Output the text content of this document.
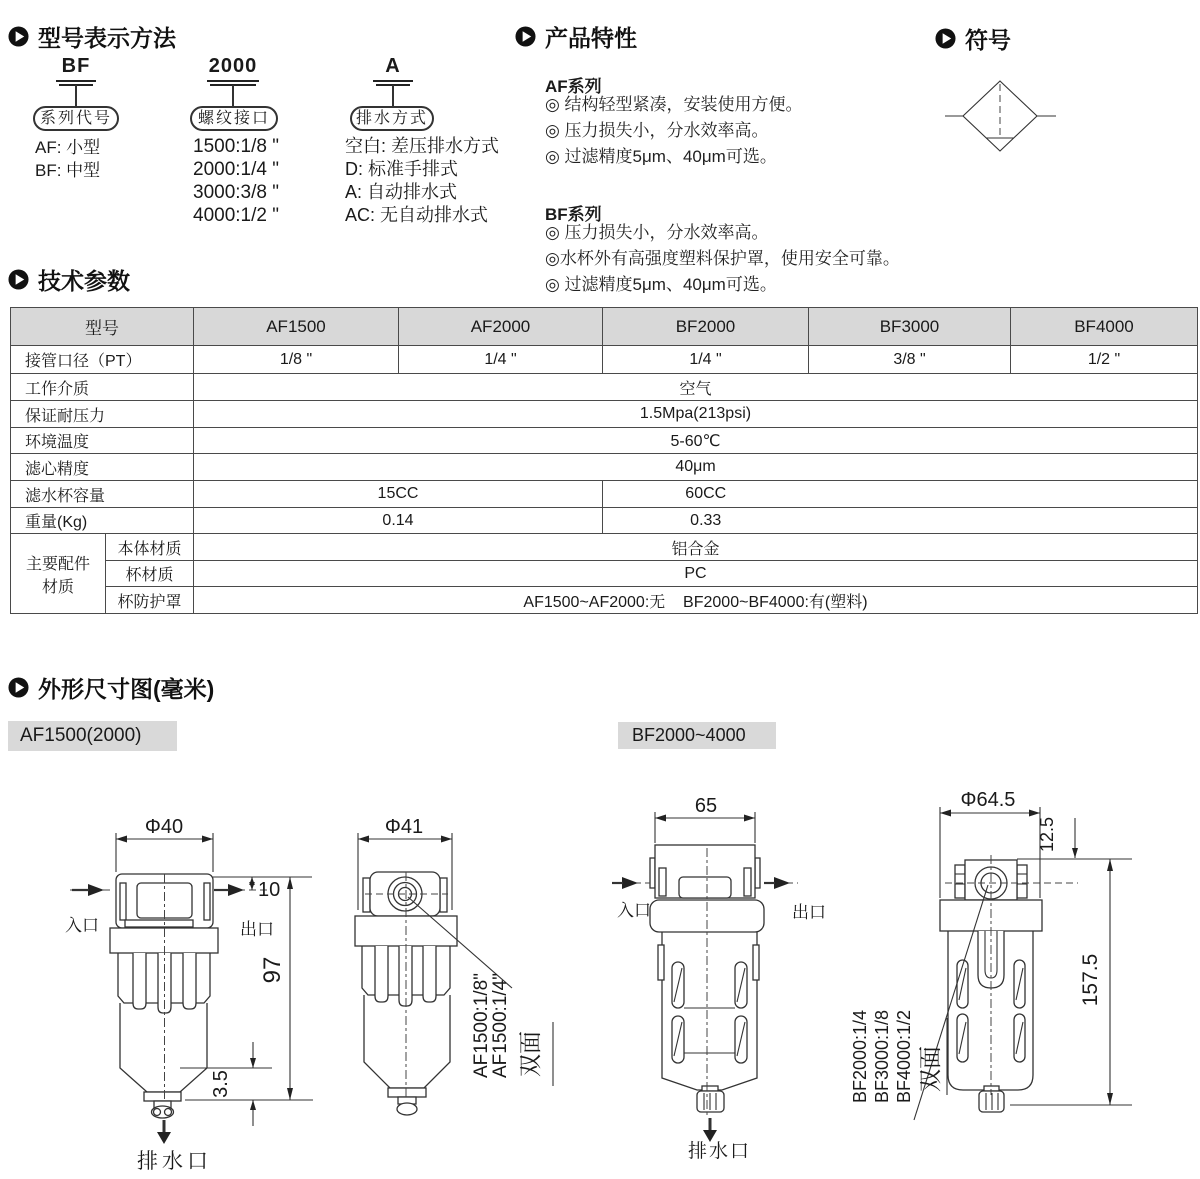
型号表示方法
BF
系列代号
AF: 小型
BF: 中型
2000
螺纹接口
1500:1/8 "
2000:1/4 "
3000:3/8 "
4000:1/2 "
A
排水方式
空白: 差压排水方式
D: 标准手排式
A: 自动排水式
AC: 无自动排水式
产品特性
AF系列
◎ 结构轻型紧凑，安装使用方便。
◎ 压力损失小，分水效率高。
◎ 过滤精度5μm、40μm可选。
BF系列
◎ 压力损失小，分水效率高。
◎水杯外有高强度塑料保护罩，使用安全可靠。
◎ 过滤精度5μm、40μm可选。
符号
技术参数
型号		AF1500	AF2000	BF2000	BF3000	BF4000
接管口径（PT）		1/8 "	1/4 "	1/4 "	3/8 "	1/2 "
工作介质		空气				
保证耐压力		1.5Mpa(213psi)				
环境温度		5-60℃				
滤心精度		40μm				
滤水杯容量		15CC		60CC		
重量(Kg)		0.14		0.33		

主要配件
材质	本体材质	铝合金				
	杯材质	PC				
	杯防护罩	AF1500~AF2000:无    BF2000~BF4000:有(塑料)				
外形尺寸图(毫米)
AF1500(2000)	BF2000~4000
入口	出口
Φ40
10
97
3.5
排水口
Φ41
AF1500:1/8"
AF1500:1/4" 双面
入口	出口
65
排水口
Φ64.5
12.5
157.5
BF2000:1/4 BF3000:1/8 BF4000:1/2 双面
